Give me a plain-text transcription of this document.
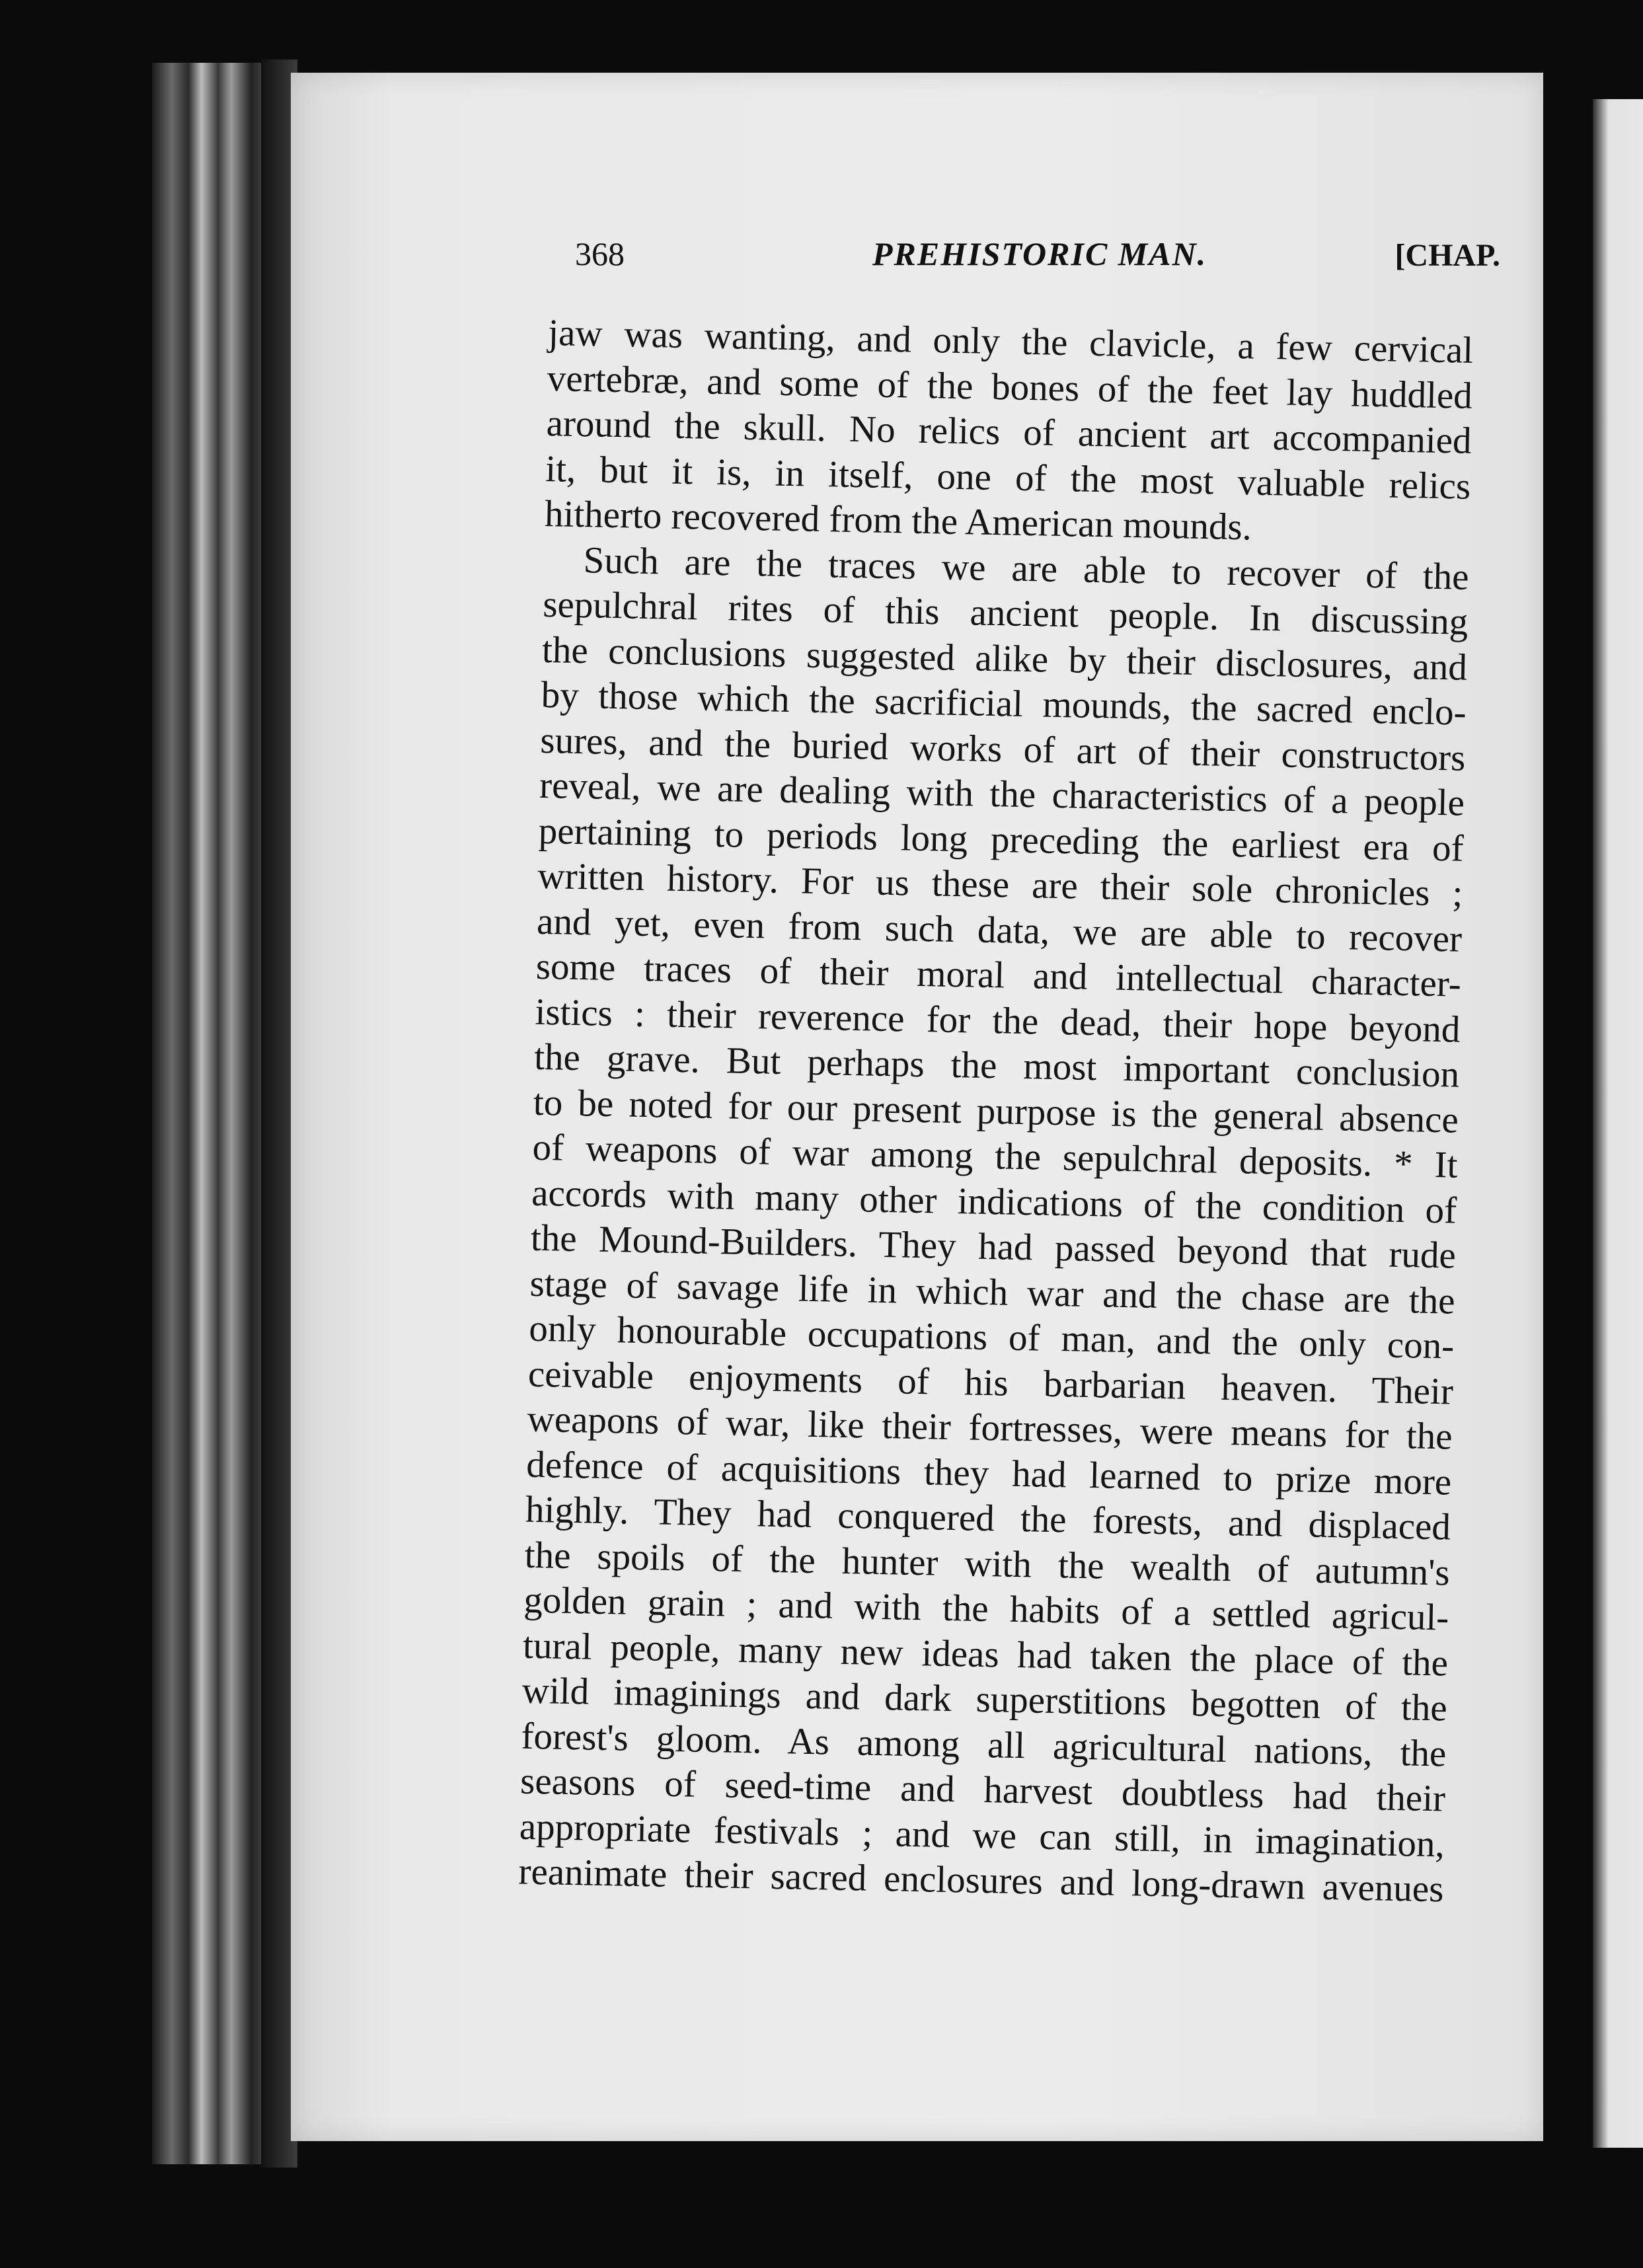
368	PREHISTORIC MAN.	[CHAP.
jaw was wanting, and only the clavicle, a few cervical
vertebræ, and some of the bones of the feet lay huddled
around the skull. No relics of ancient art accompanied
it, but it is, in itself, one of the most valuable relics
hitherto recovered from the American mounds.
Such are the traces we are able to recover of the
sepulchral rites of this ancient people. In discussing
the conclusions suggested alike by their disclosures, and
by those which the sacrificial mounds, the sacred enclo-
sures, and the buried works of art of their constructors
reveal, we are dealing with the characteristics of a people
pertaining to periods long preceding the earliest era of
written history. For us these are their sole chronicles ;
and yet, even from such data, we are able to recover
some traces of their moral and intellectual character-
istics : their reverence for the dead, their hope beyond
the grave. But perhaps the most important conclusion
to be noted for our present purpose is the general absence
of weapons of war among the sepulchral deposits. * It
accords with many other indications of the condition of
the Mound-Builders. They had passed beyond that rude
stage of savage life in which war and the chase are the
only honourable occupations of man, and the only con-
ceivable enjoyments of his barbarian heaven. Their
weapons of war, like their fortresses, were means for the
defence of acquisitions they had learned to prize more
highly. They had conquered the forests, and displaced
the spoils of the hunter with the wealth of autumn's
golden grain ; and with the habits of a settled agricul-
tural people, many new ideas had taken the place of the
wild imaginings and dark superstitions begotten of the
forest's gloom. As among all agricultural nations, the
seasons of seed-time and harvest doubtless had their
appropriate festivals ; and we can still, in imagination,
reanimate their sacred enclosures and long-drawn avenues
